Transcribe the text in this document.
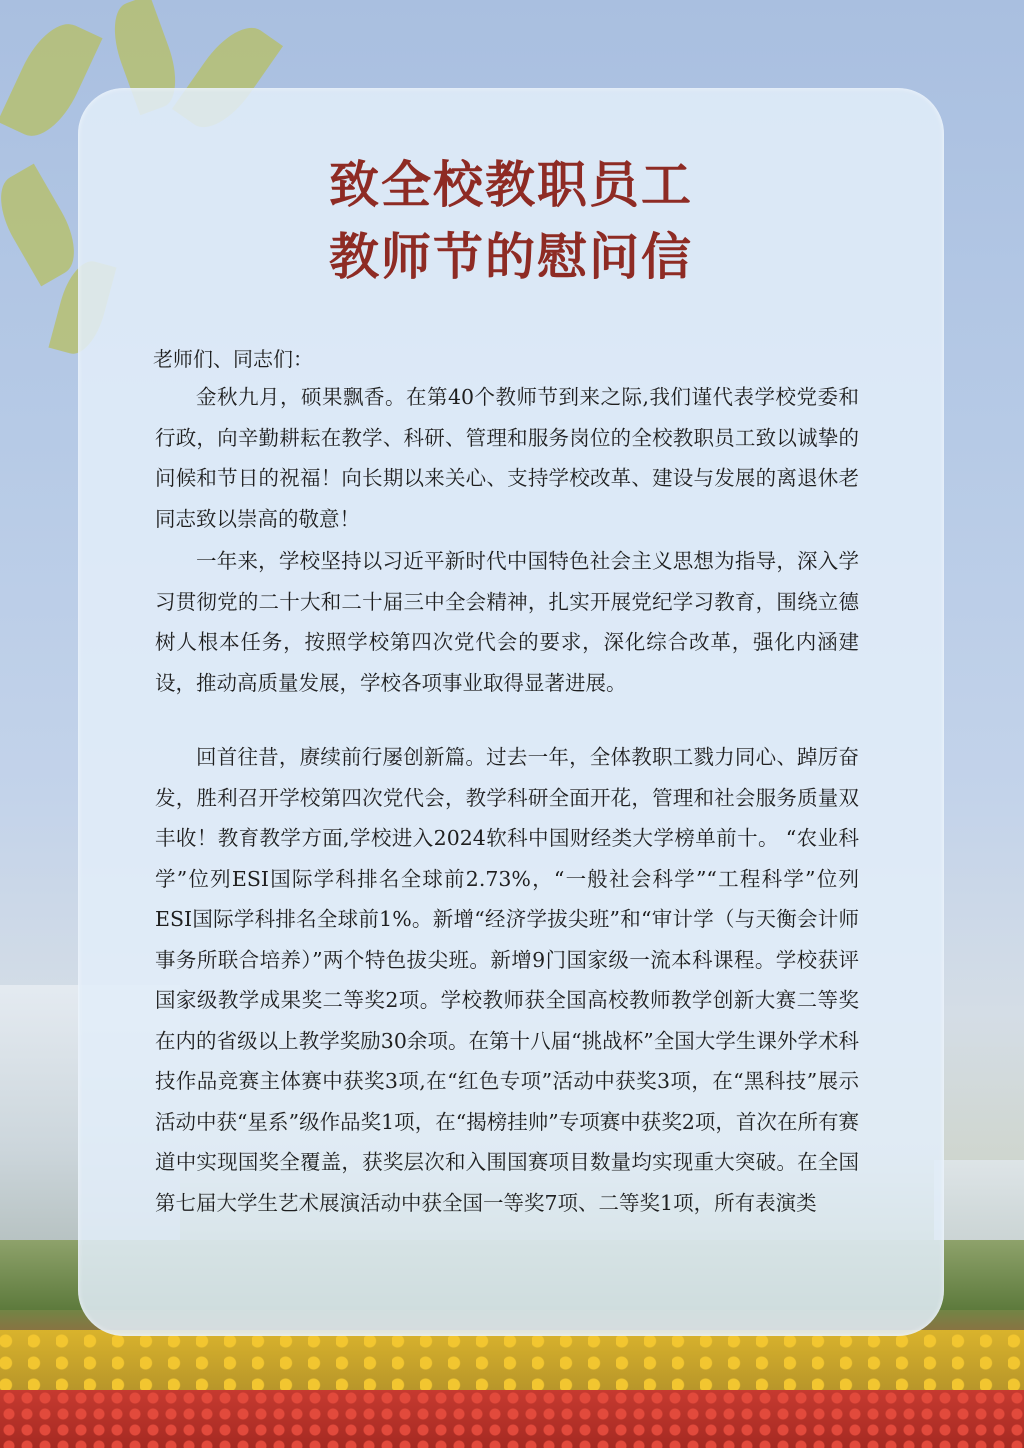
致全校教职员工
教师节的慰问信

老师们、同志们：

金秋九月，硕果飘香。在第40个教师节到来之际,我们谨代表学校党委和行政，向辛勤耕耘在教学、科研、管理和服务岗位的全校教职员工致以诚挚的问候和节日的祝福！向长期以来关心、支持学校改革、建设与发展的离退休老同志致以崇高的敬意！

一年来，学校坚持以习近平新时代中国特色社会主义思想为指导，深入学习贯彻党的二十大和二十届三中全会精神，扎实开展党纪学习教育，围绕立德树人根本任务，按照学校第四次党代会的要求，深化综合改革，强化内涵建设，推动高质量发展，学校各项事业取得显著进展。

回首往昔，赓续前行屡创新篇。过去一年，全体教职工戮力同心、踔厉奋发，胜利召开学校第四次党代会，教学科研全面开花，管理和社会服务质量双丰收！教育教学方面,学校进入2024软科中国财经类大学榜单前十。 “农业科学”位列ESI国际学科排名全球前2.73%，“一般社会科学”“工程科学”位列ESI国际学科排名全球前1%。新增“经济学拔尖班”和“审计学（与天衡会计师事务所联合培养）”两个特色拔尖班。新增9门国家级一流本科课程。学校获评国家级教学成果奖二等奖2项。学校教师获全国高校教师教学创新大赛二等奖在内的省级以上教学奖励30余项。在第十八届“挑战杯”全国大学生课外学术科技作品竞赛主体赛中获奖3项,在“红色专项”活动中获奖3项，在“黑科技”展示活动中获“星系”级作品奖1项，在“揭榜挂帅”专项赛中获奖2项，首次在所有赛道中实现国奖全覆盖，获奖层次和入围国赛项目数量均实现重大突破。在全国第七届大学生艺术展演活动中获全国一等奖7项、二等奖1项，所有表演类
